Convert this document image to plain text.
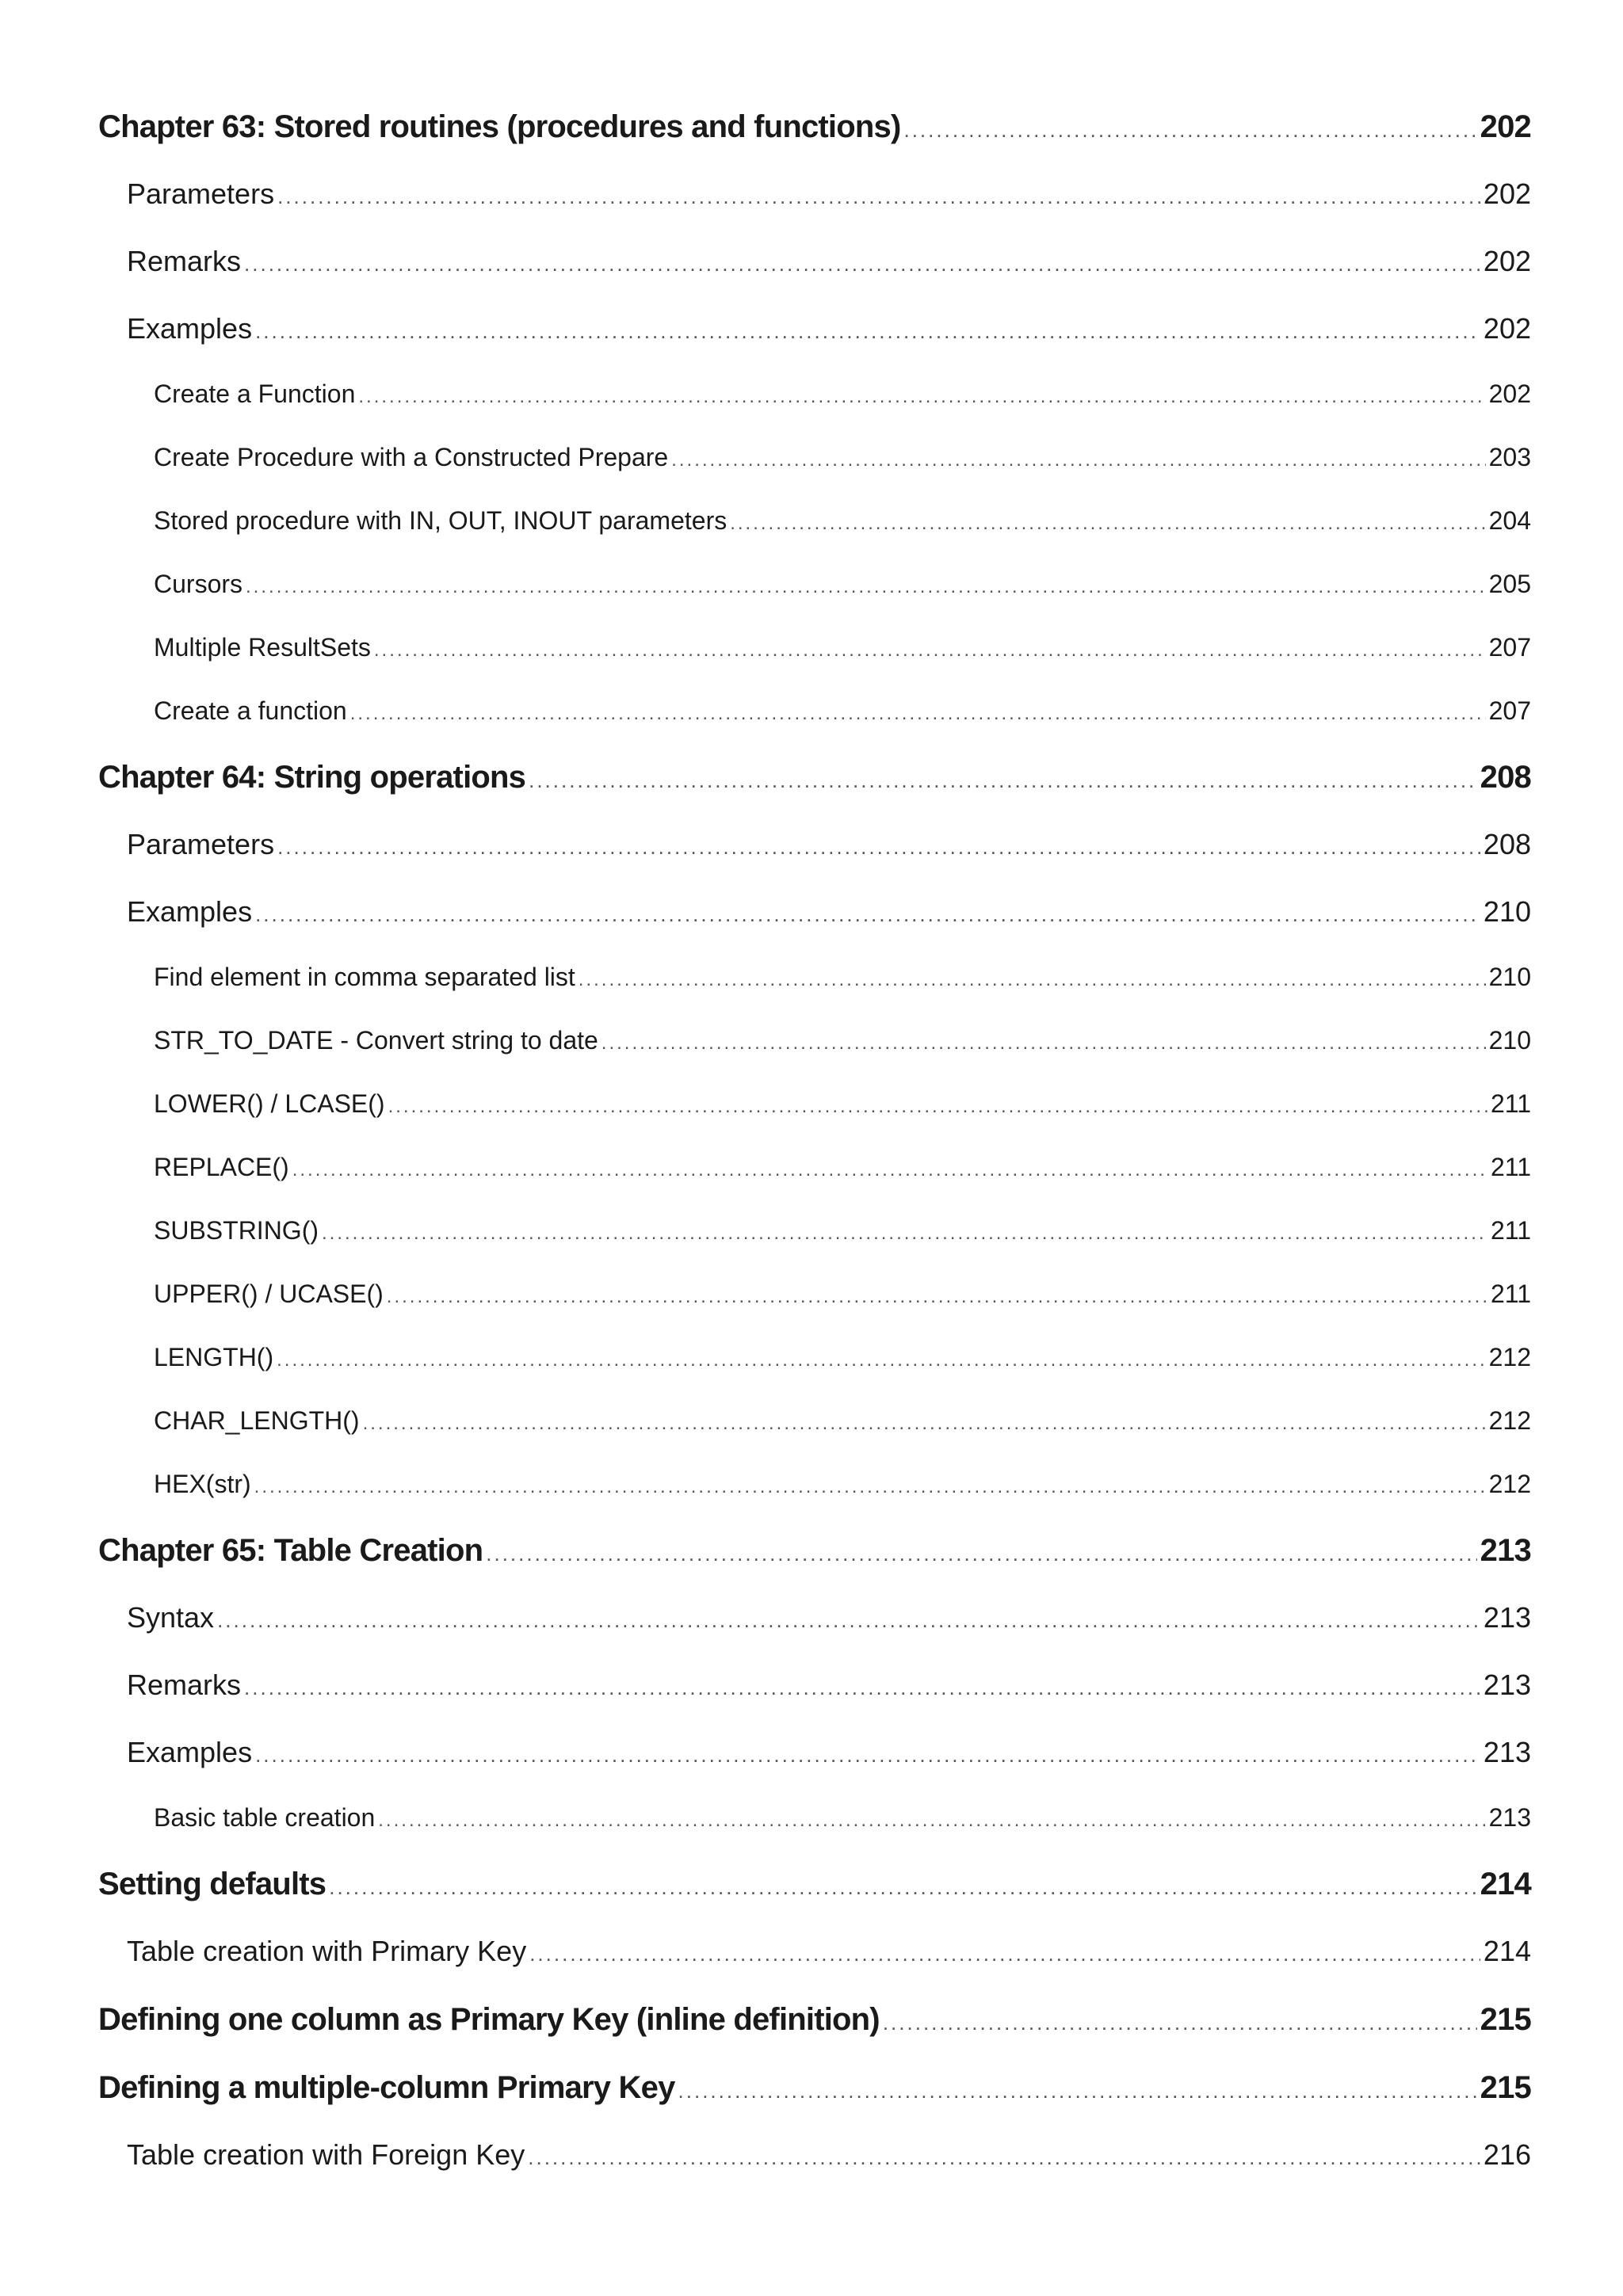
Chapter 63: Stored routines (procedures and functions) .....	202
Parameters .....	202
Remarks .....	202
Examples .....	202
Create a Function .....	202
Create Procedure with a Constructed Prepare .....	203
Stored procedure with IN, OUT, INOUT parameters .....	204
Cursors .....	205
Multiple ResultSets .....	207
Create a function .....	207
Chapter 64: String operations .....	208
Parameters .....	208
Examples .....	210
Find element in comma separated list .....	210
STR_TO_DATE - Convert string to date .....	210
LOWER() / LCASE() .....	211
REPLACE() .....	211
SUBSTRING() .....	211
UPPER() / UCASE() .....	211
LENGTH() .....	212
CHAR_LENGTH() .....	212
HEX(str) .....	212
Chapter 65: Table Creation .....	213
Syntax .....	213
Remarks .....	213
Examples .....	213
Basic table creation .....	213
Setting defaults .....	214
Table creation with Primary Key .....	214
Defining one column as Primary Key (inline definition) .....	215
Defining a multiple-column Primary Key .....	215
Table creation with Foreign Key .....	216
